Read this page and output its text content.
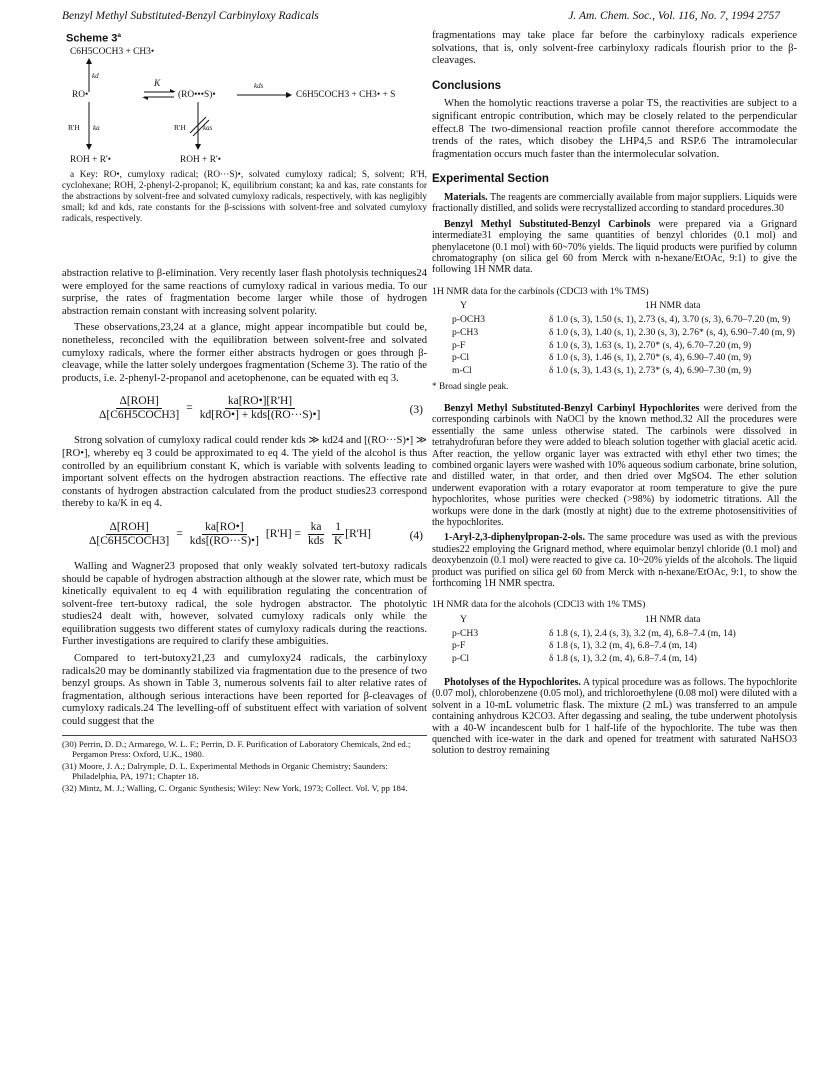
Benzyl Methyl Substituted-Benzyl Carbinyloxy Radicals	J. Am. Chem. Soc., Vol. 116, No. 7, 1994 2757
Scheme 3$^a$
C6H5COCH3 + CH3•
kd
RO•
K
(RO•••S)•
kds
C6H5COCH3 + CH3• + S
R'H ka	R'H kas
ROH + R'•	ROH + R'•

a Key: RO•, cumyloxy radical; (RO···S)•, solvated cumyloxy radical; S, solvent; R'H, cyclohexane; ROH, 2-phenyl-2-propanol; K, equilibrium constant; ka and kas, rate constants for the abstractions by solvent-free and solvated cumyloxy radicals, respectively, with kas negligibly small; kd and kds, rate constants for the β-scissions with solvent-free and solvated cumyloxy radicals, respectively.

abstraction relative to β-elimination. Very recently laser flash photolysis techniques24 were employed for the same reactions of cumyloxy radical in various media. To our surprise, the rates of fragmentation become larger while those of hydrogen abstraction remain constant with increasing solvent polarity.

These observations,23,24 at a glance, might appear incompatible but could be, nonetheless, reconciled with the equilibration between solvent-free and solvated cumyloxy radicals, where the former either abstracts hydrogen or goes through β-cleavage, while the latter solely undergoes fragmentation (Scheme 3). The ratio of the products, i.e. 2-phenyl-2-propanol and acetophenone, can be equated with eq 3.

Δ[ROH]
Δ[C6H5COCH3]
=
ka[RO•][R'H]
kd[RO•] + kds[(RO···S)•]	(3)

Strong solvation of cumyloxy radical could render kds ≫ kd24 and [(RO···S)•] ≫ [RO•], whereby eq 3 could be approximated to eq 4. The yield of the alcohol is thus controlled by an equilibrium constant K, which is variable with solvents leading to important solvent effects on the hydrogen abstraction reactions. The effective rate constants of hydrogen abstraction calculated from the product studies23 correspond thereby to ka/K in eq 4.

Δ[ROH]
Δ[C6H5COCH3]
=
ka[RO•]
kds[(RO···S)•]
[R'H] =
ka
kds $\frac{1}{K} [R'H]$	(4)

Walling and Wagner23 proposed that only weakly solvated tert-butoxy radicals should be capable of hydrogen abstraction although at the slower rate, which must be kinetically equivalent to eq 4 with equilibration regulating the concentration of solvent-free tert-butoxy radical, the sole hydrogen abstractor. The photolytic studies24 dealt with, however, solvated cumyloxy radicals only while the equilibration suggests two different states of cumyloxy radicals during the reactions. Further investigations are required to clarify these ambiguities.

Compared to tert-butoxy21,23 and cumyloxy24 radicals, the carbinyloxy radicals20 may be dominantly stabilized via fragmentation due to the presence of two benzyl groups. As shown in Table 3, numerous solvents fail to alter relative rates of fragmentation, although serious interactions have been reported for β-cleavages of cumyloxy radicals.24 The levelling-off of substituent effect with variation of solvent could suggest that the

(30) Perrin, D. D.; Armarego, W. L. F.; Perrin, D. F. Purification of Laboratory Chemicals, 2nd ed.; Pergamon Press: Oxford, U.K., 1980.

(31) Moore, J. A.; Dalrymple, D. L. Experimental Methods in Organic Chemistry; Saunders: Philadelphia, PA, 1971; Chapter 18.

(32) Mintz, M. J.; Walling, C. Organic Synthesis; Wiley: New York, 1973; Collect. Vol. V, pp 184.

fragmentations may take place far before the carbinyloxy radicals experience solvations, that is, only solvent-free carbinyloxy radicals flourish prior to the β-cleavages.

Conclusions

When the homolytic reactions traverse a polar TS, the reactivities are subject to a significant entropic contribution, which may be closely related to the perpendicular effect.8 The two-dimensional reaction profile cannot therefore accommodate the trends of the rates, which disobey the LHP4,5 and RSP.6 The intramolecular fragmentation occurs much faster than the intermolecular solvation.

Experimental Section

Materials. The reagents are commercially available from major suppliers. Liquids were fractionally distilled, and solids were recrystallized according to standard procedures.30

Benzyl Methyl Substituted-Benzyl Carbinols were prepared via a Grignard intermediate31 employing the same quantities of benzyl chlorides (0.1 mol) and phenylacetone (0.1 mol) with 60~70% yields. The liquid products were purified by column chromatography (on silica gel 60 from Merck with n-hexane/EtOAc, 9:1) to give the following 1H NMR data.

1H NMR data for the carbinols (CDCl3 with 1% TMS)

Y	1H NMR data
p-OCH3	δ 1.0 (s, 3), 1.50 (s, 1), 2.73 (s, 4), 3.70 (s, 3), 6.70–7.20 (m, 9)
p-CH3	δ 1.0 (s, 3), 1.40 (s, 1), 2.30 (s, 3), 2.76* (s, 4), 6.90–7.40 (m, 9)
p-F	δ 1.0 (s, 3), 1.63 (s, 1), 2.70* (s, 4), 6.70–7.20 (m, 9)
p-Cl	δ 1.0 (s, 3), 1.46 (s, 1), 2.70* (s, 4), 6.90–7.40 (m, 9)
m-Cl	δ 1.0 (s, 3), 1.43 (s, 1), 2.73* (s, 4), 6.90–7.30 (m, 9)

* Broad single peak.

Benzyl Methyl Substituted-Benzyl Carbinyl Hypochlorites were derived from the corresponding carbinols with NaOCl by the known method.32 All the procedures were essentially the same unless otherwise stated. The carbinols were dissolved in tetrahydrofuran before they were added to bleach solution together with glacial acetic acid. After reaction, the yellow organic layer was extracted with ethyl ether two times; the combined organic layers were washed with 10% aqueous sodium carbonate, brine solution, and distilled water, in that order, and then dried over MgSO4. The ether solution underwent evaporation with a rotary evaporator at room temperature to give the pure hypochlorites, whose purities were checked (>98%) by iodometric titrations. All the workups were done in the dark (mostly at night) due to the extreme photosensitivities of the hypochlorites.

1-Aryl-2,3-diphenylpropan-2-ols. The same procedure was used as with the previous studies22 employing the Grignard method, where equimolar benzyl chloride (0.1 mol) and deoxybenzoin (0.1 mol) were reacted to give ca. 10~20% yields of the alcohols. The liquid product was purified on silica gel 60 from Merck with n-hexane/EtOAc, 9:1, to show the forthcoming 1H NMR spectra.

1H NMR data for the alcohols (CDCl3 with 1% TMS)

Y	1H NMR data
p-CH3	δ 1.8 (s, 1), 2.4 (s, 3), 3.2 (m, 4), 6.8–7.4 (m, 14)
p-F	δ 1.8 (s, 1), 3.2 (m, 4), 6.8–7.4 (m, 14)
p-Cl	δ 1.8 (s, 1), 3.2 (m, 4), 6.8–7.4 (m, 14)

Photolyses of the Hypochlorites. A typical procedure was as follows. The hypochlorite (0.07 mol), chlorobenzene (0.05 mol), and trichloroethylene (0.08 mol) were diluted with a solvent in a 10-mL volumetric flask. The mixture (2 mL) was transferred to an ampule containing anhydrous K2CO3. After degassing and sealing, the tube underwent photolysis with a 40-W incandescent bulb for 1 half-life of the hypochlorite. The tube was then quenched with ice-water in the dark and opened for treatment with saturated NaHSO3 solution to destroy remaining
